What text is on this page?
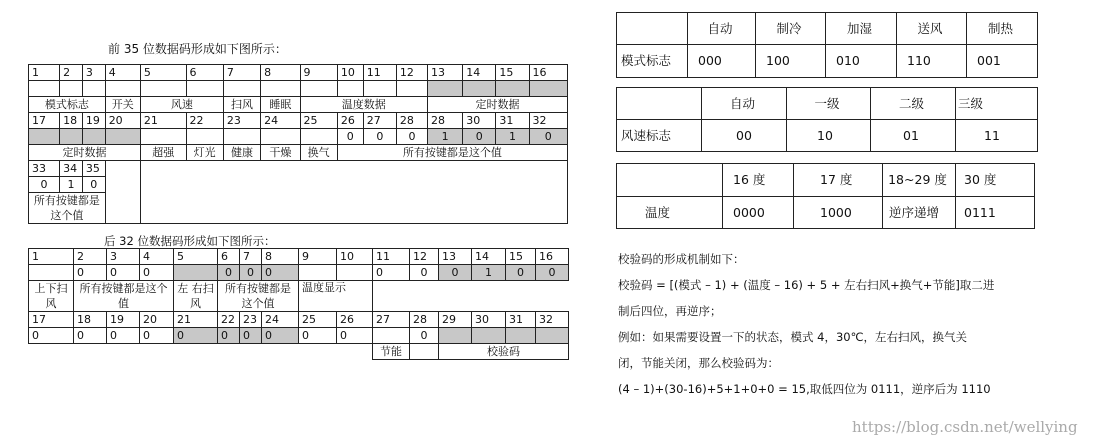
前 35 位数据码形成如下图所示：
1	2	3	4	5	6	7	8	9	10	11	12	13	14	15	16

模式标志			开关	风速		扫风	睡眠	温度数据				定时数据			
17	18	19	20	21	22	23	24	25	26	27	28	28	30	31	32
									0	0	0	1	0	1	0
定时数据				超强	灯光	健康	干燥	换气	所有按键都是这个值						
33	34	35													
0	1	0													
所有按键都是这个值															

后 32 位数据码形成如下图所示：
1	2	3	4	5	6	7	8	9	10	11	12	13	14	15	16
	0	0	0		0	0	0			0	0	0	1	0	0
上下扫风	所有按键都是这个值			左 右扫风	所有按键都是这个值			温度显示							
17	18	19	20	21	22	23	24	25	26	27	28	29	30	31	32
0	0	0	0	0	0	0	0	0	0		0				
										节能		校验码			
	自动	制冷	加湿	送风	制热
模式标志	000	100	010	110	001
	自动	一级	二级	三级
风速标志	00	10	01	11
	16 度	17 度	18~29 度	30 度
温度	0000	1000	逆序递增	0111
校验码的形成机制如下：
校验码 = [(模式 – 1) + (温度 – 16) + 5 + 左右扫风+换气+节能]取二进
制后四位，再逆序；
例如：如果需要设置一下的状态，模式 4，30℃，左右扫风，换气关
闭，节能关闭，那么校验码为：
(4 – 1)+(30-16)+5+1+0+0 = 15,取低四位为 0111，逆序后为 1110
https://blog.csdn.net/wellying
